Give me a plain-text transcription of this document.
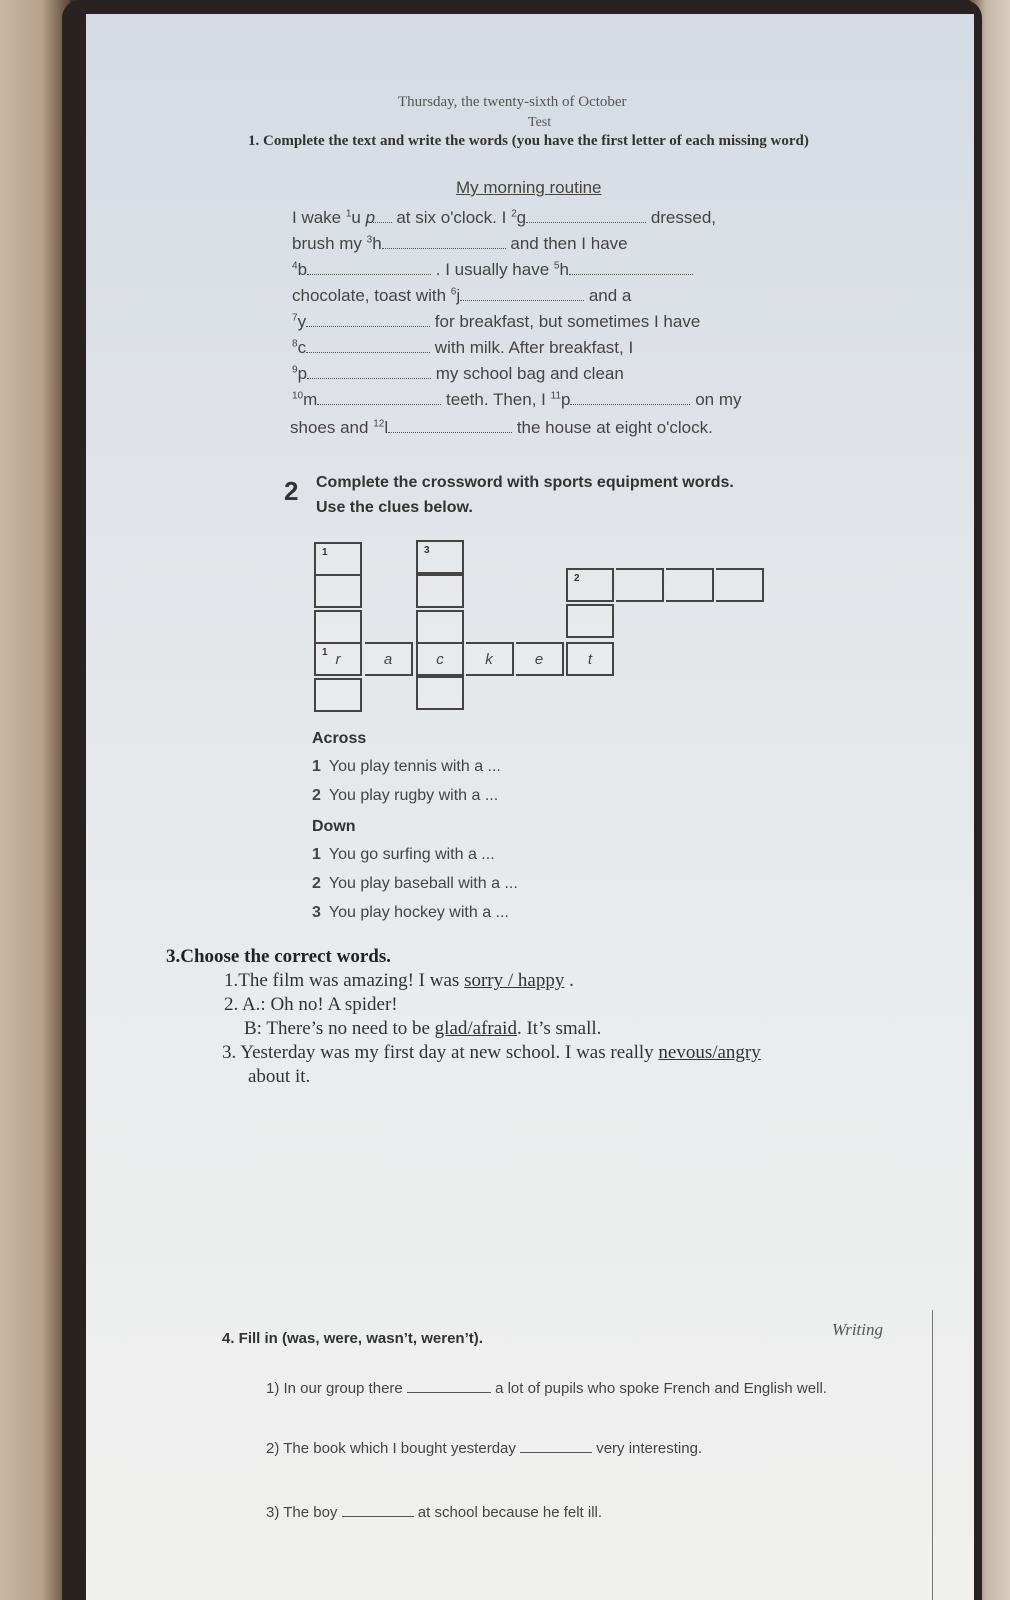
Thursday, the twenty-sixth of October
Test
1. Complete the text and write the words (you have the first letter of each missing word)
My morning routine
I wake $^1$u p at six o'clock. I $^2$g	dressed,
brush my $^3$h	and then I have
$^4$b	. I usually have $^5$h
chocolate, toast with $^6$j	and a
$^7$y	for breakfast, but sometimes I have
$^8$c	with milk. After breakfast, I
$^9$p	my school bag and clean
$^{10}$m	teeth. Then, I $^{11}$p	on my
shoes and $^{12}$l	the house at eight o'clock.
2 Complete the crossword with sports equipment words. Use the clues below.
1
1 r	a
3
c	k	e
2
t
Across
1 You play tennis with a ...
2 You play rugby with a ...
Down
1 You go surfing with a ...
2 You play baseball with a ...
3 You play hockey with a ...
3.Choose the correct words.
1.The film was amazing! I was sorry / happy .
2. A.: Oh no! A spider!
B: There’s no need to be glad/afraid. It’s small.
3. Yesterday was my first day at new school. I was really nevous/angry
about it.
4. Fill in (was, were, wasn’t, weren’t).	Writing
1) In our group there	a lot of pupils who spoke French and English well.
2) The book which I bought yesterday	very interesting.
3) The boy	at school because he felt ill.
